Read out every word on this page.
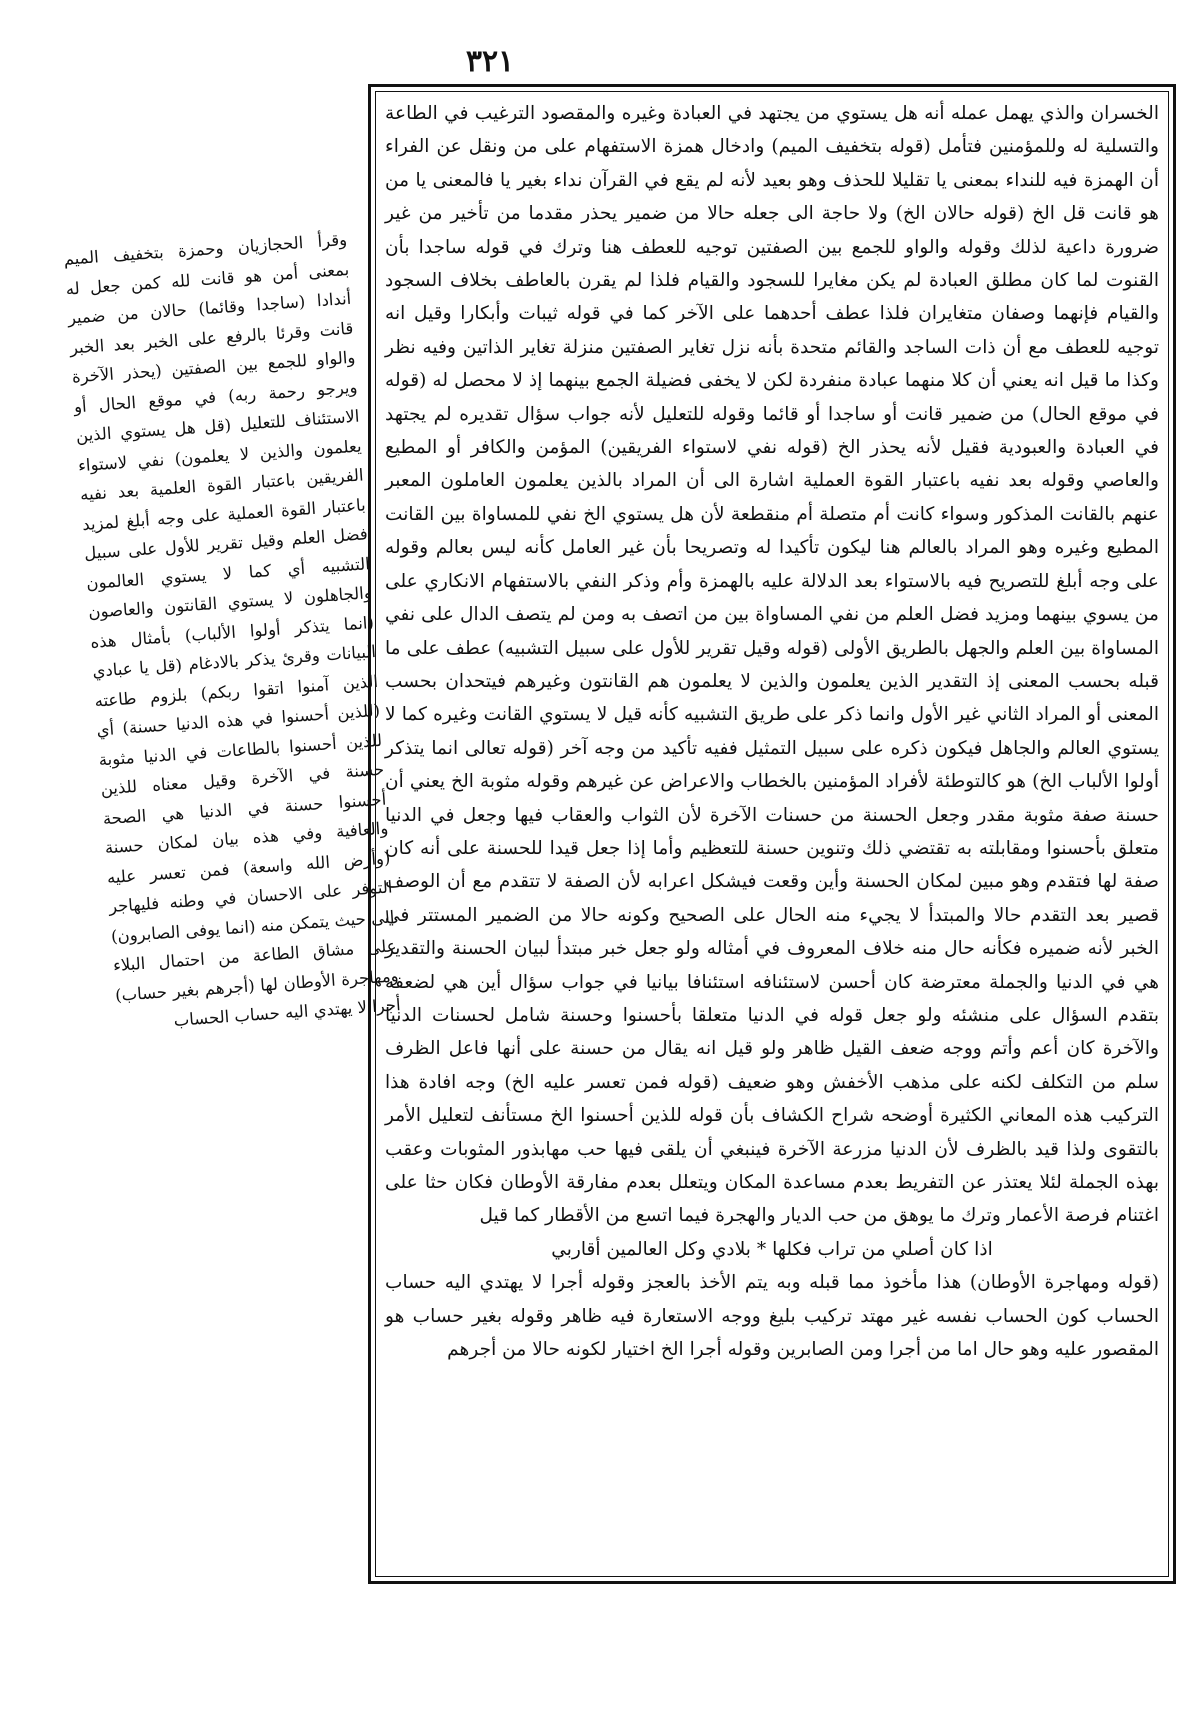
٣٢١

وقرأ الحجازيان وحمزة بتخفيف الميم بمعنى أمن هو قانت لله كمن جعل له أندادا (ساجدا وقائما) حالان من ضمير قانت وقرئا بالرفع على الخبر بعد الخبر والواو للجمع بين الصفتين (يحذر الآخرة ويرجو رحمة ربه) في موقع الحال أو الاستئناف للتعليل (قل هل يستوي الذين يعلمون والذين لا يعلمون) نفي لاستواء الفريقين باعتبار القوة العلمية بعد نفيه باعتبار القوة العملية على وجه أبلغ لمزيد فضل العلم وقيل تقرير للأول على سبيل التشبيه أي كما لا يستوي العالمون والجاهلون لا يستوي القانتون والعاصون (انما يتذكر أولوا الألباب) بأمثال هذه البيانات وقرئ يذكر بالادغام (قل يا عبادي الذين آمنوا اتقوا ربكم) بلزوم طاعته (للذين أحسنوا في هذه الدنيا حسنة) أي للذين أحسنوا بالطاعات في الدنيا مثوبة حسنة في الآخرة وقيل معناه للذين أحسنوا حسنة في الدنيا هي الصحة والعافية وفي هذه بيان لمكان حسنة (وأرض الله واسعة) فمن تعسر عليه التوفر على الاحسان في وطنه فليهاجر الى حيث يتمكن منه (انما يوفى الصابرون) على مشاق الطاعة من احتمال البلاء ومهاجرة الأوطان لها (أجرهم بغير حساب) أجرا لا يهتدي اليه حساب الحساب

الخسران والذي يهمل عمله أنه هل يستوي من يجتهد في العبادة وغيره والمقصود الترغيب في الطاعة والتسلية له وللمؤمنين فتأمل (قوله بتخفيف الميم) وادخال همزة الاستفهام على من ونقل عن الفراء أن الهمزة فيه للنداء بمعنى يا تقليلا للحذف وهو بعيد لأنه لم يقع في القرآن نداء بغير يا فالمعنى يا من هو قانت قل الخ (قوله حالان الخ) ولا حاجة الى جعله حالا من ضمير يحذر مقدما من تأخير من غير ضرورة داعية لذلك وقوله والواو للجمع بين الصفتين توجيه للعطف هنا وترك في قوله ساجدا بأن القنوت لما كان مطلق العبادة لم يكن مغايرا للسجود والقيام فلذا لم يقرن بالعاطف بخلاف السجود والقيام فإنهما وصفان متغايران فلذا عطف أحدهما على الآخر كما في قوله ثيبات وأبكارا وقيل انه توجيه للعطف مع أن ذات الساجد والقائم متحدة بأنه نزل تغاير الصفتين منزلة تغاير الذاتين وفيه نظر وكذا ما قيل انه يعني أن كلا منهما عبادة منفردة لكن لا يخفى فضيلة الجمع بينهما إذ لا محصل له (قوله في موقع الحال) من ضمير قانت أو ساجدا أو قائما وقوله للتعليل لأنه جواب سؤال تقديره لم يجتهد في العبادة والعبودية فقيل لأنه يحذر الخ (قوله نفي لاستواء الفريقين) المؤمن والكافر أو المطيع والعاصي وقوله بعد نفيه باعتبار القوة العملية اشارة الى أن المراد بالذين يعلمون العاملون المعبر عنهم بالقانت المذكور وسواء كانت أم متصلة أم منقطعة لأن هل يستوي الخ نفي للمساواة بين القانت المطيع وغيره وهو المراد بالعالم هنا ليكون تأكيدا له وتصريحا بأن غير العامل كأنه ليس بعالم وقوله على وجه أبلغ للتصريح فيه بالاستواء بعد الدلالة عليه بالهمزة وأم وذكر النفي بالاستفهام الانكاري على من يسوي بينهما ومزيد فضل العلم من نفي المساواة بين من اتصف به ومن لم يتصف الدال على نفي المساواة بين العلم والجهل بالطريق الأولى (قوله وقيل تقرير للأول على سبيل التشبيه) عطف على ما قبله بحسب المعنى إذ التقدير الذين يعلمون والذين لا يعلمون هم القانتون وغيرهم فيتحدان بحسب المعنى أو المراد الثاني غير الأول وانما ذكر على طريق التشبيه كأنه قيل لا يستوي القانت وغيره كما لا يستوي العالم والجاهل فيكون ذكره على سبيل التمثيل ففيه تأكيد من وجه آخر (قوله تعالى انما يتذكر أولوا الألباب الخ) هو كالتوطئة لأفراد المؤمنين بالخطاب والاعراض عن غيرهم وقوله مثوبة الخ يعني أن حسنة صفة مثوبة مقدر وجعل الحسنة من حسنات الآخرة لأن الثواب والعقاب فيها وجعل في الدنيا متعلق بأحسنوا ومقابلته به تقتضي ذلك وتنوين حسنة للتعظيم وأما إذا جعل قيدا للحسنة على أنه كان صفة لها فتقدم وهو مبين لمكان الحسنة وأين وقعت فيشكل اعرابه لأن الصفة لا تتقدم مع أن الوصف قصير بعد التقدم حالا والمبتدأ لا يجيء منه الحال على الصحيح وكونه حالا من الضمير المستتر في الخبر لأنه ضميره فكأنه حال منه خلاف المعروف في أمثاله ولو جعل خبر مبتدأ لبيان الحسنة والتقدير هي في الدنيا والجملة معترضة كان أحسن لاستئنافه استئنافا بيانيا في جواب سؤال أين هي لضعفه بتقدم السؤال على منشئه ولو جعل قوله في الدنيا متعلقا بأحسنوا وحسنة شامل لحسنات الدنيا والآخرة كان أعم وأتم ووجه ضعف القيل ظاهر ولو قيل انه يقال من حسنة على أنها فاعل الظرف سلم من التكلف لكنه على مذهب الأخفش وهو ضعيف (قوله فمن تعسر عليه الخ) وجه افادة هذا التركيب هذه المعاني الكثيرة أوضحه شراح الكشاف بأن قوله للذين أحسنوا الخ مستأنف لتعليل الأمر بالتقوى ولذا قيد بالظرف لأن الدنيا مزرعة الآخرة فينبغي أن يلقى فيها حب مهابذور المثوبات وعقب بهذه الجملة لئلا يعتذر عن التفريط بعدم مساعدة المكان ويتعلل بعدم مفارقة الأوطان فكان حثا على اغتنام فرصة الأعمار وترك ما يوهق من حب الديار والهجرة فيما اتسع من الأقطار كما قيل

اذا كان أصلي من تراب فكلها * بلادي وكل العالمين أقاربي

(قوله ومهاجرة الأوطان) هذا مأخوذ مما قبله وبه يتم الأخذ بالعجز وقوله أجرا لا يهتدي اليه حساب الحساب كون الحساب نفسه غير مهتد تركيب بليغ ووجه الاستعارة فيه ظاهر وقوله بغير حساب هو المقصور عليه وهو حال اما من أجرا ومن الصابرين وقوله أجرا الخ اختيار لكونه حالا من أجرهم
